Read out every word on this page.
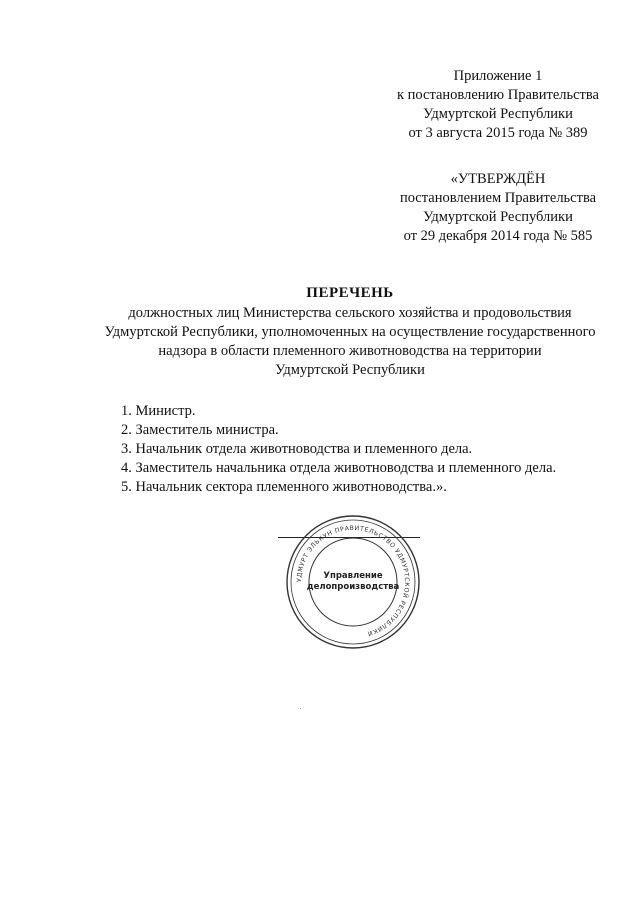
Приложение 1
к постановлению Правительства
Удмуртской Республики
от 3 августа 2015 года № 389
«УТВЕРЖДЁН
постановлением Правительства
Удмуртской Республики
от 29 декабря 2014 года № 585
ПЕРЕЧЕНЬ
должностных лиц Министерства сельского хозяйства и продовольствия
Удмуртской Республики, уполномоченных на осуществление государственного
надзора в области племенного животноводства на территории
Удмуртской Республики
1. Министр.
2. Заместитель министра.
3. Начальник отдела животноводства и племенного дела.
4. Заместитель начальника отдела животноводства и племенного дела.
5. Начальник сектора племенного животноводства.».
УДМУРТ ЭЛЬКУН ПРАВИТЕЛЬСТВО УДМУРТСКОЙ РЕСПУБЛИКИ
Управление
делопроизводства
